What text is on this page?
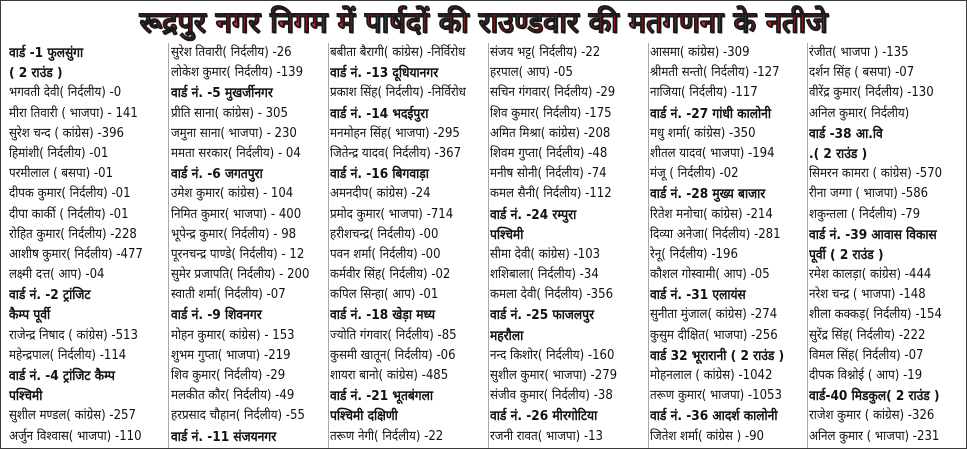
रूद्रपुर नगर निगम में पार्षदों की राउण्डवार की मतगणना के नतीजे
वार्ड -1 फुलसुंगा
( 2 राउंड )
भगवती देवी( निर्दलीय) -0
मीरा तिवारी ( भाजपा) - 141
सुरेश चन्द ( कांग्रेस) -396
हिमांशी( निर्दलीय) -01
परमीलाल ( बसपा) -01
दीपक कुमार( निर्दलीय) -01
दीपा कार्की ( निर्दलीय) -01
रोहित कुमार( निर्दलीय) -228
आशीष कुमार( निर्दलीय) -477
लक्ष्मी दत्त( आप) -04
वार्ड नं. -2 ट्रांजिट
कैम्प पूर्वी
राजेन्द्र निषाद ( कांग्रेस) -513
महेन्द्रपाल( निर्दलीय) -114
वार्ड नं. -4 ट्रांजिट कैम्प
पश्चिमी
सुशील मण्डल( कांग्रेस) -257
अर्जुन विश्वास( भाजपा) -110
सुरेश तिवारी( निर्दलीय) -26
लोकेश कुमार( निर्दलीय) -139
वार्ड नं. -5 मुखर्जीनगर
प्रीति साना( कांग्रेस) - 305
जमुना साना( भाजपा) - 230
ममता सरकार( निर्दलीय) - 04
वार्ड नं. -6 जगतपुरा
उमेश कुमार( कांग्रेस) - 104
निमित कुमार( भाजपा) - 400
भूपेन्द्र कुमार( निर्दलीय) - 98
पूरनचन्द्र पाण्डे( निर्दलीय) - 12
सुमेर प्रजापति( निर्दलीय) - 200
स्वाती शर्मा( निर्दलीय) -07
वार्ड नं. -9 शिवनगर
मोहन कुमार( कांग्रेस) - 153
शुभम गुप्ता( भाजपा) -219
शिव कुमार( निर्दलीय) -29
मलकीत कौर( निर्दलीय) -49
हरप्रसाद चौहान( निर्दलीय) -55
वार्ड नं. -11 संजयनगर
बबीता बैरागी( कांग्रेस) -निर्विरोध
वार्ड नं. -13 दूधियानगर
प्रकाश सिंह( निर्दलीय) -निर्विरोध
वार्ड नं. -14 भदईपुरा
मनमोहन सिंह( भाजपा) -295
जितेन्द्र यादव( निर्दलीय) -367
वार्ड नं. -16 बिगवाड़ा
अमनदीप( कांग्रेस) -24
प्रमोद कुमार( भाजपा) -714
हरीशचन्द्र( निर्दलीय) -00
पवन शर्मा( निर्दलीय) -00
कर्मवीर सिंह( निर्दलीय) -02
कपिल सिन्हा( आप) -01
वार्ड नं. -18 खेड़ा मध्य
ज्योति गंगवार( निर्दलीय) -85
कुसमी खातून( निर्दलीय) -06
शायरा बानो( कांग्रेस) -485
वार्ड नं. -21 भूतबंगला
पश्चिमी दक्षिणी
तरूण नेगी( निर्दलीय) -22
संजय भट्ट( निर्दलीय) -22
हरपाल( आप) -05
सचिन गंगवार( निर्दलीय) -29
शिव कुमार( निर्दलीय) -175
अमित मिश्रा( कांग्रेस) -208
शिवम गुप्ता( निर्दलीय) -48
मनीष सोनी( निर्दलीय) -74
कमल सैनी( निर्दलीय) -112
वार्ड नं. -24 रम्पुरा
पश्चिमी
सीमा देवी( कांग्रेस) -103
शशिबाला( निर्दलीय) -34
कमला देवी( निर्दलीय) -356
वार्ड नं. -25 फाजलपुर
महरौला
नन्द किशोर( निर्दलीय) -160
सुशील कुमार( भाजपा) -279
संजीव कुमार( निर्दलीय) -38
वार्ड नं. -26 मीरगोटिया
रजनी रावत( भाजपा) -13
आसमा( कांग्रेस) -309
श्रीमती सन्तो( निर्दलीय) -127
नाजिया( निर्दलीय) -117
वार्ड नं. -27 गांधी कालोनी
मधु शर्मा( कांग्रेस) -350
शीतल यादव( भाजपा) -194
मंजू ( निर्दलीय) -02
वार्ड नं. -28 मुख्य बाजार
रितेश मनोचा( कांग्रेस) -214
दिव्या अनेजा( निर्दलीय) -281
रेनू( निर्दलीय) -196
कौशल गोस्वामी( आप) -05
वार्ड नं. -31 एलायंस
सुनीता मुंजाल( कांग्रेस) -274
कुसुम दीक्षित( भाजपा) -256
वार्ड 32 भूरारानी ( 2 राउंड )
मोहनलाल ( कांग्रेस) -1042
तरूण कुमार( भाजपा) -1053
वार्ड नं. -36 आदर्श कालोनी
जितेश शर्मा( कांग्रेस ) -90
रंजीत( भाजपा ) -135
दर्शन सिंह ( बसपा) -07
वीरेंद्र कुमार( निर्दलीय) -130
अनिल कुमार( निर्दलीय)
वार्ड -38 आ.वि
.( 2 राउंड )
सिमरन कामरा ( कांग्रेस) -570
रीना जग्गा ( भाजपा) -586
शकुन्तला ( निर्दलीय) -79
वार्ड नं. -39 आवास विकास
पूर्वी ( 2 राउंड )
रमेश कालड़ा( कांग्रेस) -444
नरेश चन्द्र ( भाजपा) -148
शीला कक्कड़( निर्दलीय) -154
सुरेंद्र सिंह( निर्दलीय) -222
विमल सिंह( निर्दलीय) -07
दीपक विश्नोई ( आप) -19
वार्ड-40 मिडकुल( 2 राउंड )
राजेश कुमार ( कांग्रेस) -326
अनिल कुमार ( भाजपा) -231
